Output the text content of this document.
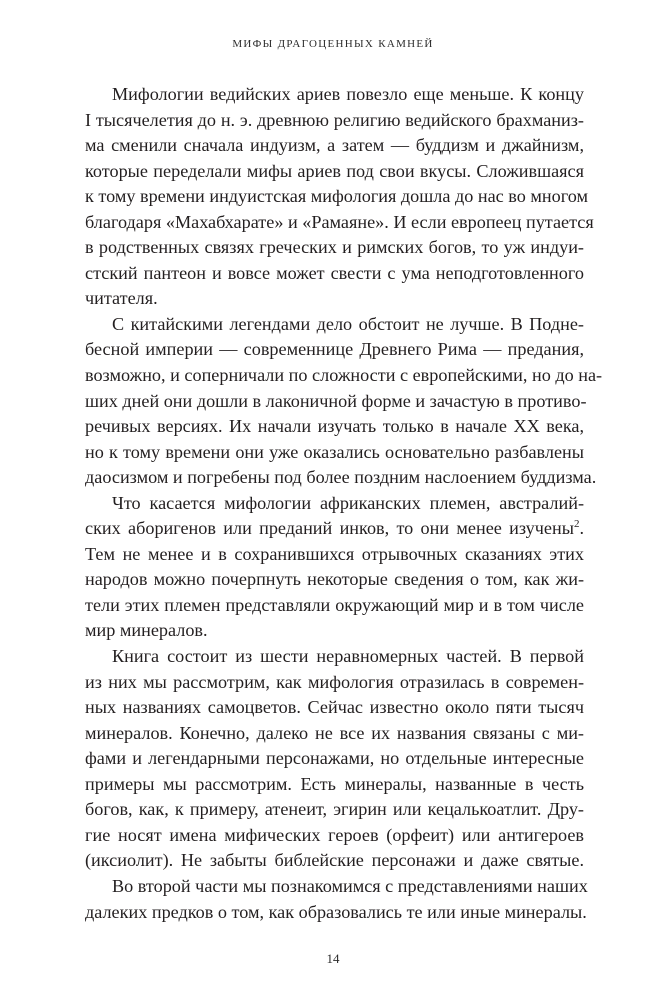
МИФЫ ДРАГОЦЕННЫХ КАМНЕЙ

Мифологии ведийских ариев повезло еще меньше. К концу
I тысячелетия до н. э. древнюю религию ведийского брахманиз-
ма сменили сначала индуизм, а затем — буддизм и джайнизм,
которые переделали мифы ариев под свои вкусы. Сложившаяся
к тому времени индуистская мифология дошла до нас во многом
благодаря «Махабхарате» и «Рамаяне». И если европеец путается
в родственных связях греческих и римских богов, то уж индуи-
стский пантеон и вовсе может свести с ума неподготовленного
читателя.

С китайскими легендами дело обстоит не лучше. В Подне-
бесной империи — современнице Древнего Рима — предания,
возможно, и соперничали по сложности с европейскими, но до на-
ших дней они дошли в лаконичной форме и зачастую в противо-
речивых версиях. Их начали изучать только в начале XX века,
но к тому времени они уже оказались основательно разбавлены
даосизмом и погребены под более поздним наслоением буддизма.

Что касается мифологии африканских племен, австралий-
ских аборигенов или преданий инков, то они менее изучены$^2$.
Тем не менее и в сохранившихся отрывочных сказаниях этих
народов можно почерпнуть некоторые сведения о том, как жи-
тели этих племен представляли окружающий мир и в том числе
мир минералов.

Книга состоит из шести неравномерных частей. В первой
из них мы рассмотрим, как мифология отразилась в современ-
ных названиях самоцветов. Сейчас известно около пяти тысяч
минералов. Конечно, далеко не все их названия связаны с ми-
фами и легендарными персонажами, но отдельные интересные
примеры мы рассмотрим. Есть минералы, названные в честь
богов, как, к примеру, атенеит, эгирин или кецалькоатлит. Дру-
гие носят имена мифических героев (орфеит) или антигероев
(иксиолит). Не забыты библейские персонажи и даже святые.

Во второй части мы познакомимся с представлениями наших
далеких предков о том, как образовались те или иные минералы.

14
